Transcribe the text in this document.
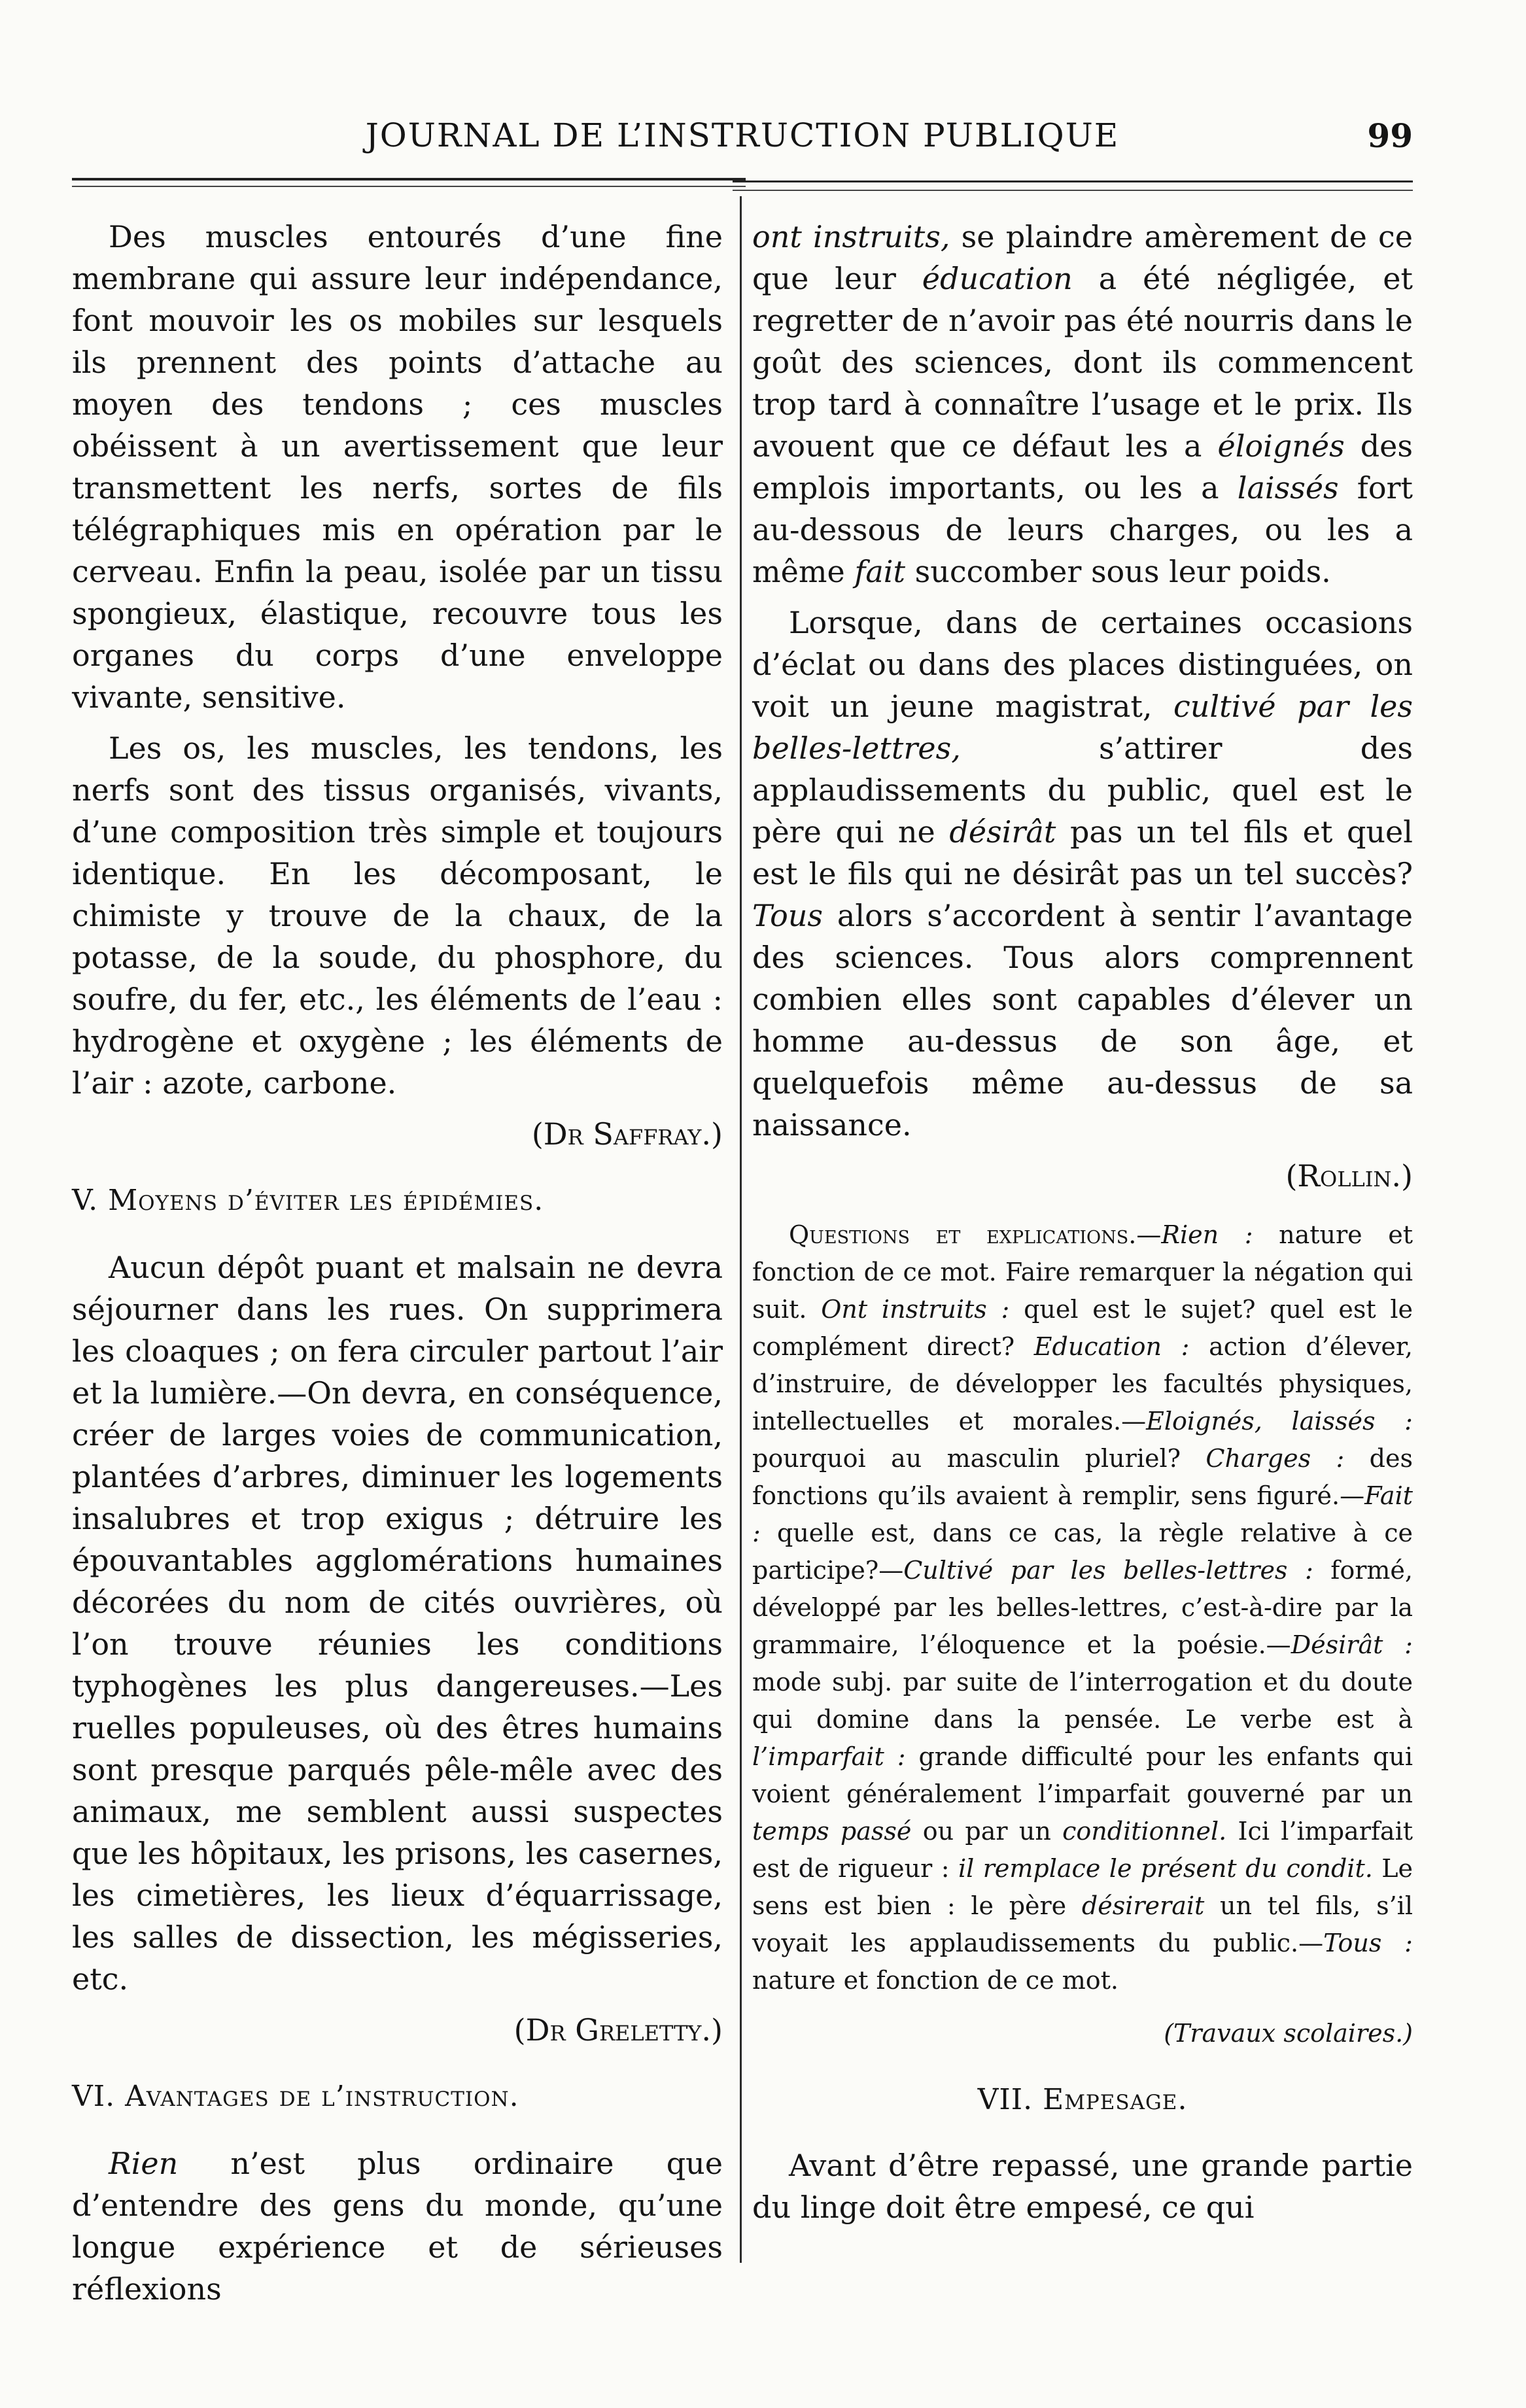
JOURNAL DE L’INSTRUCTION PUBLIQUE	99

Des muscles entourés d’une fine membrane qui assure leur indépendance, font mouvoir les os mobiles sur lesquels ils prennent des points d’attache au moyen des tendons ; ces muscles obéissent à un avertissement que leur transmettent les nerfs, sortes de fils télégraphiques mis en opération par le cerveau. Enfin la peau, isolée par un tissu spongieux, élastique, recouvre tous les organes du corps d’une enveloppe vivante, sensitive.

Les os, les muscles, les tendons, les nerfs sont des tissus organisés, vivants, d’une composition très simple et toujours identique. En les décomposant, le chimiste y trouve de la chaux, de la potasse, de la soude, du phosphore, du soufre, du fer, etc., les éléments de l’eau : hydrogène et oxygène ; les éléments de l’air : azote, carbone.

(Dr Saffray.)
V. Moyens d’éviter les épidémies.

Aucun dépôt puant et malsain ne devra séjourner dans les rues. On supprimera les cloaques ; on fera circuler partout l’air et la lumière.—On devra, en conséquence, créer de larges voies de communication, plantées d’arbres, diminuer les logements insalubres et trop exigus ; détruire les épouvantables agglomérations humaines décorées du nom de cités ouvrières, où l’on trouve réunies les conditions typhogènes les plus dangereuses.—Les ruelles populeuses, où des êtres humains sont presque parqués pêle-mêle avec des animaux, me semblent aussi suspectes que les hôpitaux, les prisons, les casernes, les cimetières, les lieux d’équarrissage, les salles de dissection, les mégisseries, etc.

(Dr Greletty.)
VI. Avantages de l’instruction.

Rien n’est plus ordinaire que d’entendre des gens du monde, qu’une longue expérience et de sérieuses réflexions

ont instruits, se plaindre amèrement de ce que leur éducation a été négligée, et regretter de n’avoir pas été nourris dans le goût des sciences, dont ils commencent trop tard à connaître l’usage et le prix. Ils avouent que ce défaut les a éloignés des emplois importants, ou les a laissés fort au-dessous de leurs charges, ou les a même fait succomber sous leur poids.

Lorsque, dans de certaines occasions d’éclat ou dans des places distinguées, on voit un jeune magistrat, cultivé par les belles-lettres, s’attirer des applaudissements du public, quel est le père qui ne désirât pas un tel fils et quel est le fils qui ne désirât pas un tel succès? Tous alors s’accordent à sentir l’avantage des sciences. Tous alors comprennent combien elles sont capables d’élever un homme au-dessus de son âge, et quelquefois même au-dessus de sa naissance.

(Rollin.)

Questions et explications.—Rien : nature et fonction de ce mot. Faire remarquer la négation qui suit. Ont instruits : quel est le sujet? quel est le complément direct? Education : action d’élever, d’instruire, de développer les facultés physiques, intellectuelles et morales.—Eloignés, laissés : pourquoi au masculin pluriel? Charges : des fonctions qu’ils avaient à remplir, sens figuré.—Fait : quelle est, dans ce cas, la règle relative à ce participe?—Cultivé par les belles-lettres : formé, développé par les belles-lettres, c’est-à-dire par la grammaire, l’éloquence et la poésie.—Désirât : mode subj. par suite de l’interrogation et du doute qui domine dans la pensée. Le verbe est à l’imparfait : grande difficulté pour les enfants qui voient généralement l’imparfait gouverné par un temps passé ou par un conditionnel. Ici l’imparfait est de rigueur : il remplace le présent du condit. Le sens est bien : le père désirerait un tel fils, s’il voyait les applaudissements du public.—Tous : nature et fonction de ce mot.

(Travaux scolaires.)
VII. Empesage.

Avant d’être repassé, une grande partie du linge doit être empesé, ce qui
